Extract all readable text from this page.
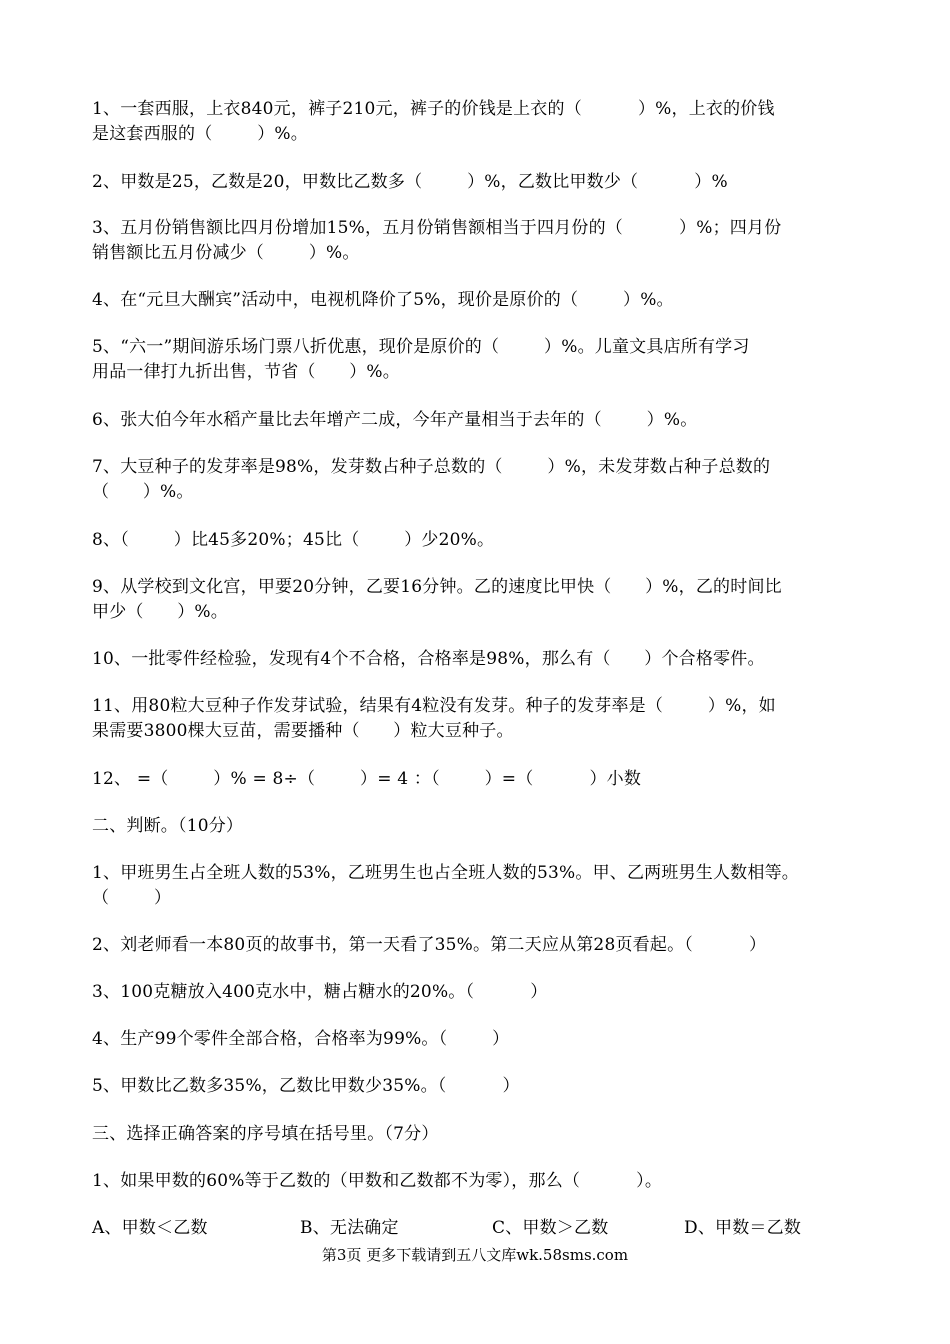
1、一套西服，上衣840元，裤子210元，裤子的价钱是上衣的（          ）%，上衣的价钱
是这套西服的（        ）%。
2、甲数是25，乙数是20，甲数比乙数多（        ）%，乙数比甲数少（          ）%
3、五月份销售额比四月份增加15%，五月份销售额相当于四月份的（          ）%；四月份
销售额比五月份减少（        ）%。
4、在“元旦大酬宾”活动中，电视机降价了5%，现价是原价的（        ）%。
5、“六一”期间游乐场门票八折优惠，现价是原价的（        ）%。儿童文具店所有学习
用品一律打九折出售，节省（      ）%。
6、张大伯今年水稻产量比去年增产二成，今年产量相当于去年的（        ）%。
7、大豆种子的发芽率是98%，发芽数占种子总数的（        ）%，未发芽数占种子总数的
（      ）%。
8、（        ）比45多20%；45比（        ）少20%。
9、从学校到文化宫，甲要20分钟，乙要16分钟。乙的速度比甲快（      ）%，乙的时间比
甲少（      ）%。
10、一批零件经检验，发现有4个不合格，合格率是98%，那么有（      ）个合格零件。
11、用80粒大豆种子作发芽试验，结果有4粒没有发芽。种子的发芽率是（        ）%，如
果需要3800棵大豆苗，需要播种（      ）粒大豆种子。
12、 =（        ）% = 8÷（        ）= 4 ：（        ）=（          ）小数
二、判断。（10分）
1、甲班男生占全班人数的53%，乙班男生也占全班人数的53%。甲、乙两班男生人数相等。
（        ）
2、刘老师看一本80页的故事书，第一天看了35%。第二天应从第28页看起。（          ）
3、100克糖放入400克水中，糖占糖水的20%。（          ）
4、生产99个零件全部合格，合格率为99%。（        ）
5、甲数比乙数多35%，乙数比甲数少35%。（          ）
三、选择正确答案的序号填在括号里。（7分）
1、如果甲数的60%等于乙数的（甲数和乙数都不为零），那么（          ）。
A、甲数＜乙数	B、无法确定	C、甲数＞乙数	D、甲数＝乙数
第3页 更多下载请到五八文库wk.58sms.com
